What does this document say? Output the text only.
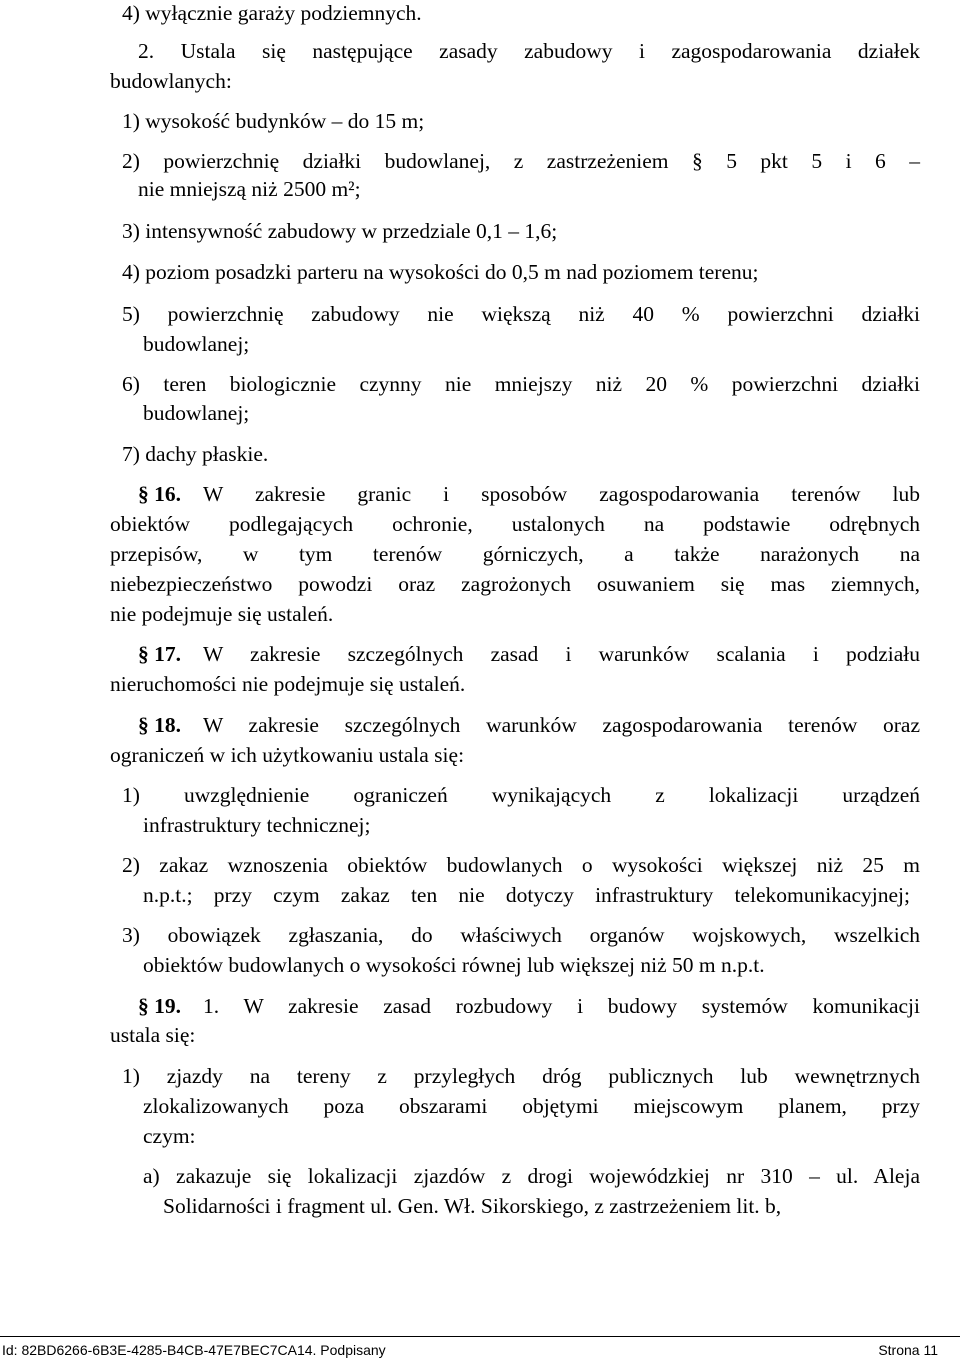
4) wyłącznie garaży podziemnych.
2. Ustala się następujące zasady zabudowy i zagospodarowania działek
budowlanych:
1) wysokość budynków – do 15 m;
2) powierzchnię działki budowlanej, z zastrzeżeniem § 5 pkt 5 i 6 –
nie mniejszą niż 2500 m²;
3) intensywność zabudowy w przedziale 0,1 – 1,6;
4) poziom posadzki parteru na wysokości do 0,5 m nad poziomem terenu;
5) powierzchnię zabudowy nie większą niż 40 % powierzchni działki
budowlanej;
6) teren biologicznie czynny nie mniejszy niż 20 % powierzchni działki
budowlanej;
7) dachy płaskie.
§ 16. W zakresie granic i sposobów zagospodarowania terenów lub
obiektów podlegających ochronie, ustalonych na podstawie odrębnych
przepisów, w tym terenów górniczych, a także narażonych na
niebezpieczeństwo powodzi oraz zagrożonych osuwaniem się mas ziemnych,
nie podejmuje się ustaleń.
§ 17. W zakresie szczególnych zasad i warunków scalania i podziału
nieruchomości nie podejmuje się ustaleń.
§ 18. W zakresie szczególnych warunków zagospodarowania terenów oraz
ograniczeń w ich użytkowaniu ustala się:
1) uwzględnienie ograniczeń wynikających z lokalizacji urządzeń
infrastruktury technicznej;
2) zakaz wznoszenia obiektów budowlanych o wysokości większej niż 25 m
n.p.t.; przy czym zakaz ten nie dotyczy infrastruktury telekomunikacyjnej;
3) obowiązek zgłaszania, do właściwych organów wojskowych, wszelkich
obiektów budowlanych o wysokości równej lub większej niż 50 m n.p.t.
§ 19. 1. W zakresie zasad rozbudowy i budowy systemów komunikacji
ustala się:
1) zjazdy na tereny z przyległych dróg publicznych lub wewnętrznych
zlokalizowanych poza obszarami objętymi miejscowym planem, przy
czym:
a) zakazuje się lokalizacji zjazdów z drogi wojewódzkiej nr 310 – ul. Aleja
Solidarności i fragment ul. Gen. Wł. Sikorskiego, z zastrzeżeniem lit. b,
Id: 82BD6266-6B3E-4285-B4CB-47E7BEC7CA14. Podpisany	Strona 11
